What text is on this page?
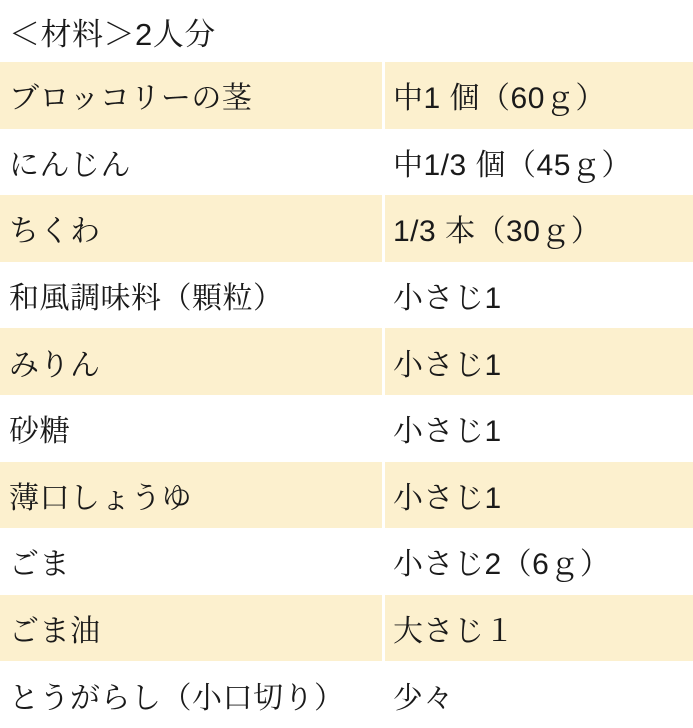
＜材料＞2人分
ブロッコリーの茎	中1 個（60ｇ）
にんじん	中1/3 個（45ｇ）
ちくわ	1/3 本（30ｇ）
和風調味料（顆粒）	小さじ1
みりん	小さじ1
砂糖	小さじ1
薄口しょうゆ	小さじ1
ごま	小さじ2（6ｇ）
ごま油	大さじ１
とうがらし（小口切り）	少々
